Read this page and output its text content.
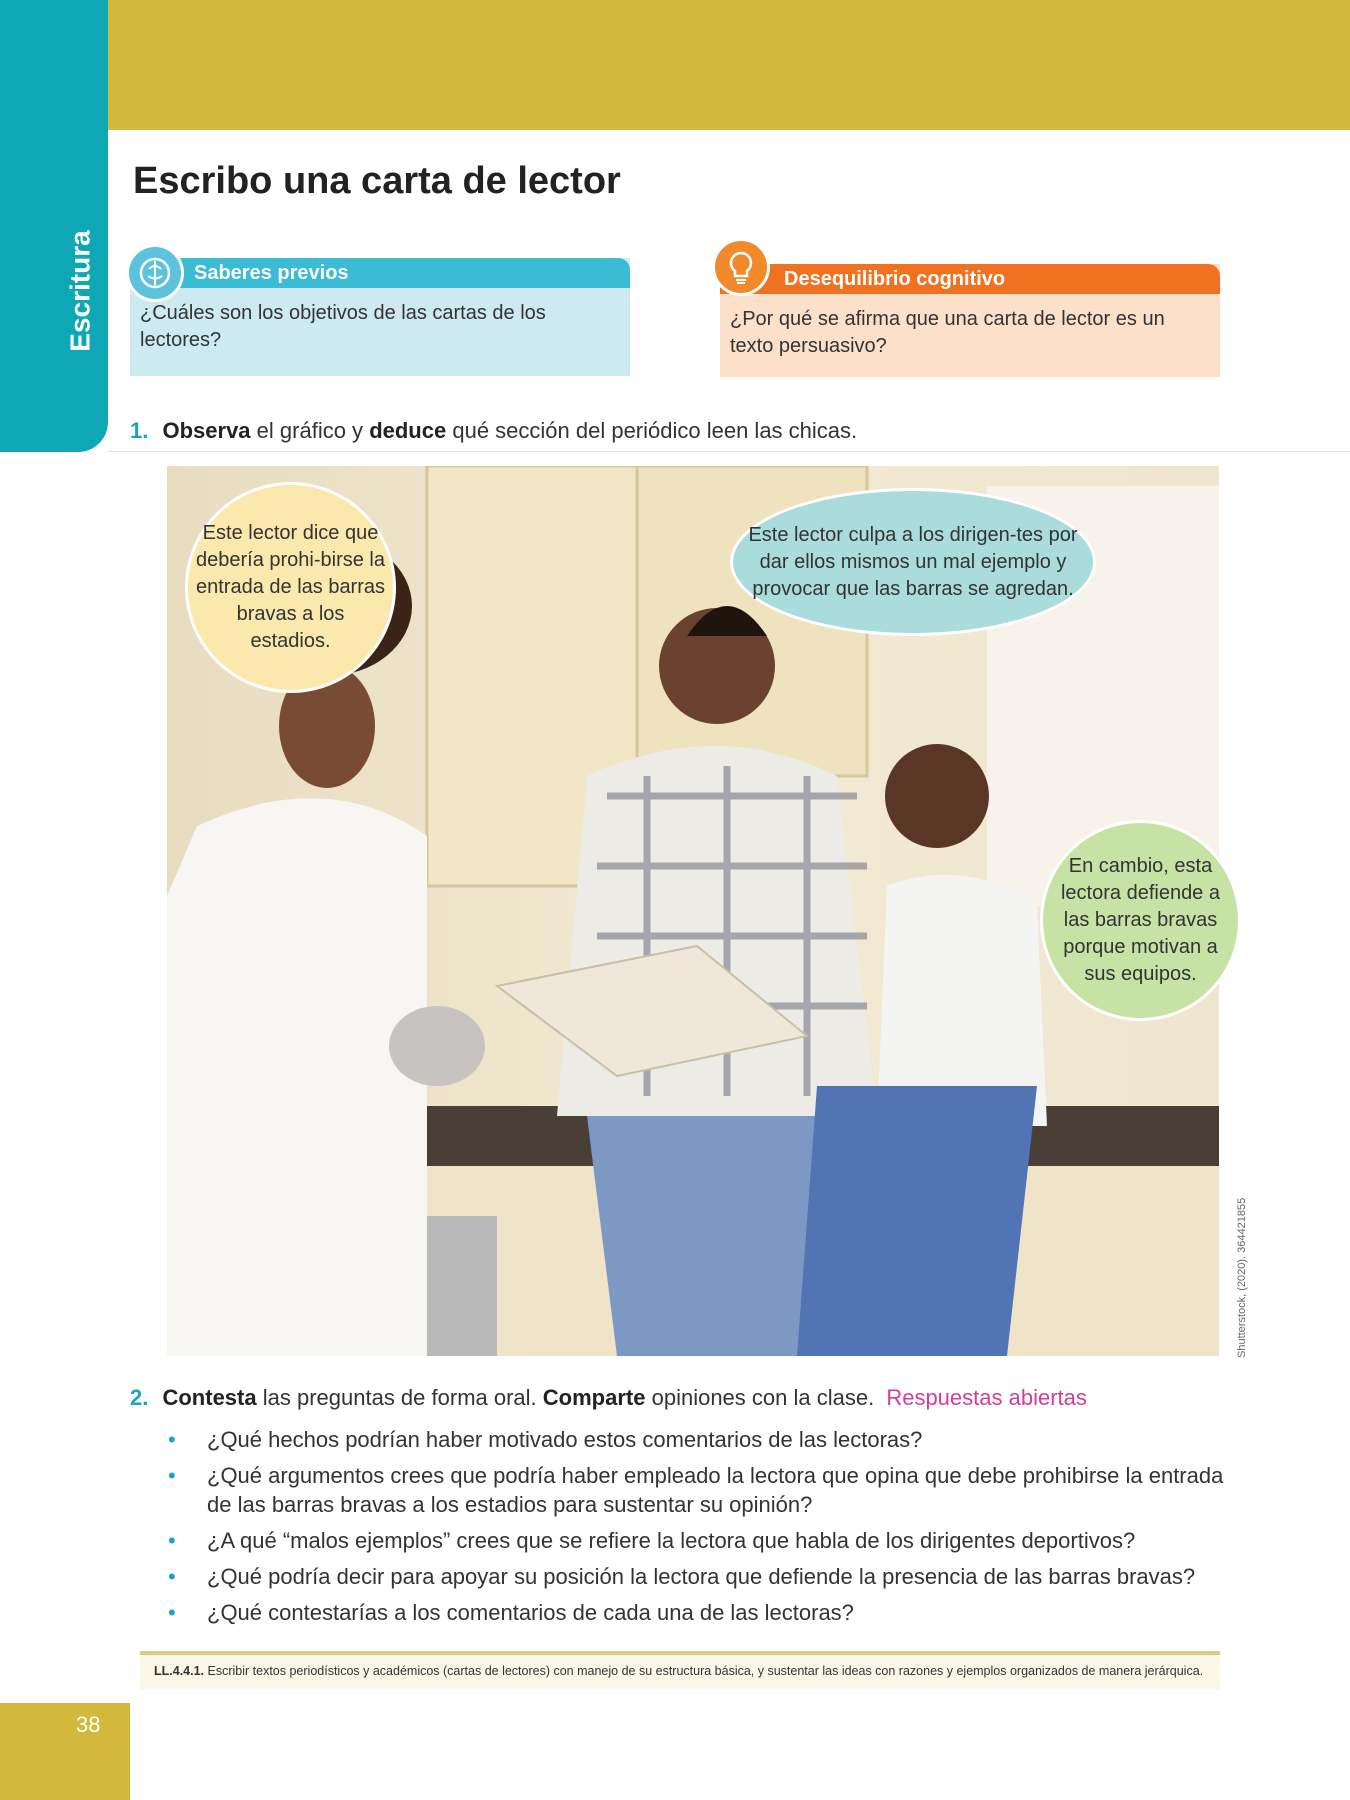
Escritura
Escribo una carta de lector
Saberes previos
¿Cuáles son los objetivos de las cartas de los lectores?
Desequilibrio cognitivo
¿Por qué se afirma que una carta de lector es un texto persuasivo?
1. Observa el gráfico y deduce qué sección del periódico leen las chicas.
Este lector dice que debería prohi-birse la entrada de las barras bravas a los estadios.
Este lector culpa a los dirigen-tes por dar ellos mismos un mal ejemplo y provocar que las barras se agredan.
En cambio, esta lectora defiende a las barras bravas porque motivan a sus equipos.
Shutterstock, (2020). 364421855
2. Contesta las preguntas de forma oral. Comparte opiniones con la clase. Respuestas abiertas
• ¿Qué hechos podrían haber motivado estos comentarios de las lectoras?
• ¿Qué argumentos crees que podría haber empleado la lectora que opina que debe prohibirse la entrada de las barras bravas a los estadios para sustentar su opinión?
• ¿A qué “malos ejemplos” crees que se refiere la lectora que habla de los dirigentes deportivos?
• ¿Qué podría decir para apoyar su posición la lectora que defiende la presencia de las barras bravas?
• ¿Qué contestarías a los comentarios de cada una de las lectoras?

LL.4.4.1. Escribir textos periodísticos y académicos (cartas de lectores) con manejo de su estructura básica, y sustentar las ideas con razones y ejemplos organizados de manera jerárquica.

38
